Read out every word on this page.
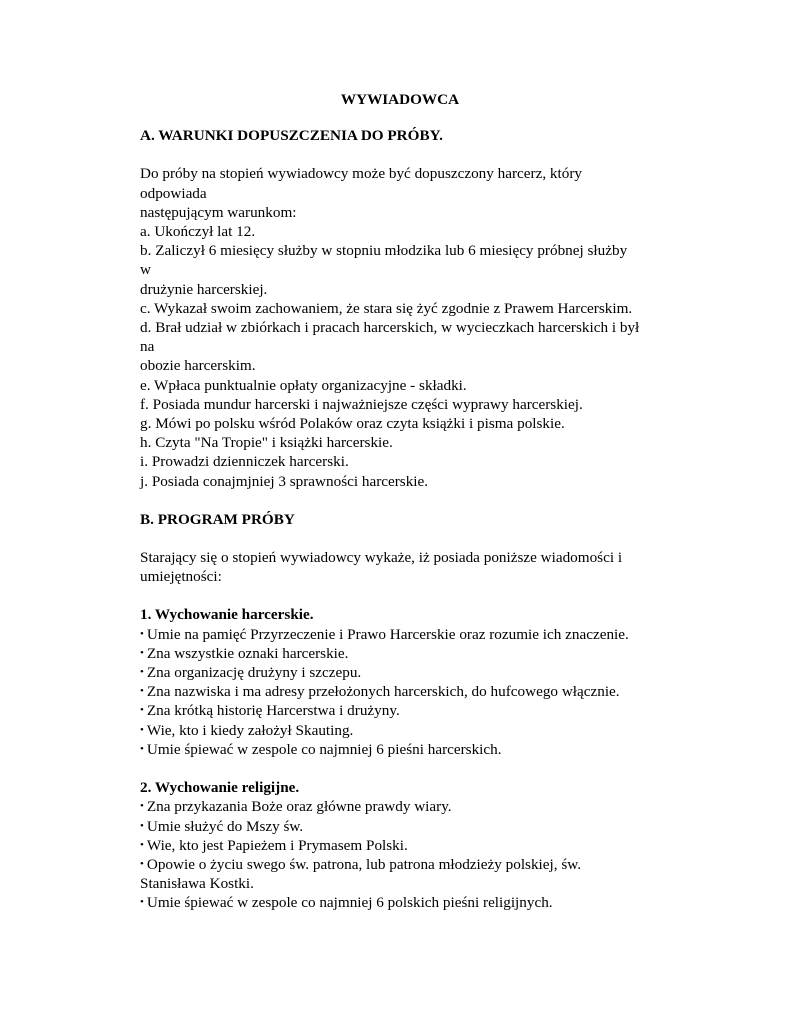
WYWIADOWCA

A. WARUNKI DOPUSZCZENIA DO PRÓBY.

Do próby na stopień wywiadowcy może być dopuszczony harcerz, który

odpowiada

następującym warunkom:

a. Ukończył lat 12.

b. Zaliczył 6 miesięcy służby w stopniu młodzika lub 6 miesięcy próbnej służby

w

drużynie harcerskiej.

c. Wykazał swoim zachowaniem, że stara się żyć zgodnie z Prawem Harcerskim.

d. Brał udział w zbiórkach i pracach harcerskich, w wycieczkach harcerskich i był

na

obozie harcerskim.

e. Wpłaca punktualnie opłaty organizacyjne - składki.

f. Posiada mundur harcerski i najważniejsze części wyprawy harcerskiej.

g. Mówi po polsku wśród Polaków oraz czyta książki i pisma polskie.

h. Czyta "Na Tropie" i książki harcerskie.

i. Prowadzi dzienniczek harcerski.

j. Posiada conajmjniej 3 sprawności harcerskie.

B. PROGRAM PRÓBY

Starający się o stopień wywiadowcy wykaże, iż posiada poniższe wiadomości i

umiejętności:

1. Wychowanie harcerskie.

• Umie na pamięć Przyrzeczenie i Prawo Harcerskie oraz rozumie ich znaczenie.

• Zna wszystkie oznaki harcerskie.

• Zna organizację drużyny i szczepu.

• Zna nazwiska i ma adresy przełożonych harcerskich, do hufcowego włącznie.

• Zna krótką historię Harcerstwa i drużyny.

• Wie, kto i kiedy założył Skauting.

• Umie śpiewać w zespole co najmniej 6 pieśni harcerskich.

2. Wychowanie religijne.

• Zna przykazania Boże oraz główne prawdy wiary.

• Umie służyć do Mszy św.

• Wie, kto jest Papieżem i Prymasem Polski.

• Opowie o życiu swego św. patrona, lub patrona młodzieży polskiej, św.

Stanisława Kostki.

• Umie śpiewać w zespole co najmniej 6 polskich pieśni religijnych.
